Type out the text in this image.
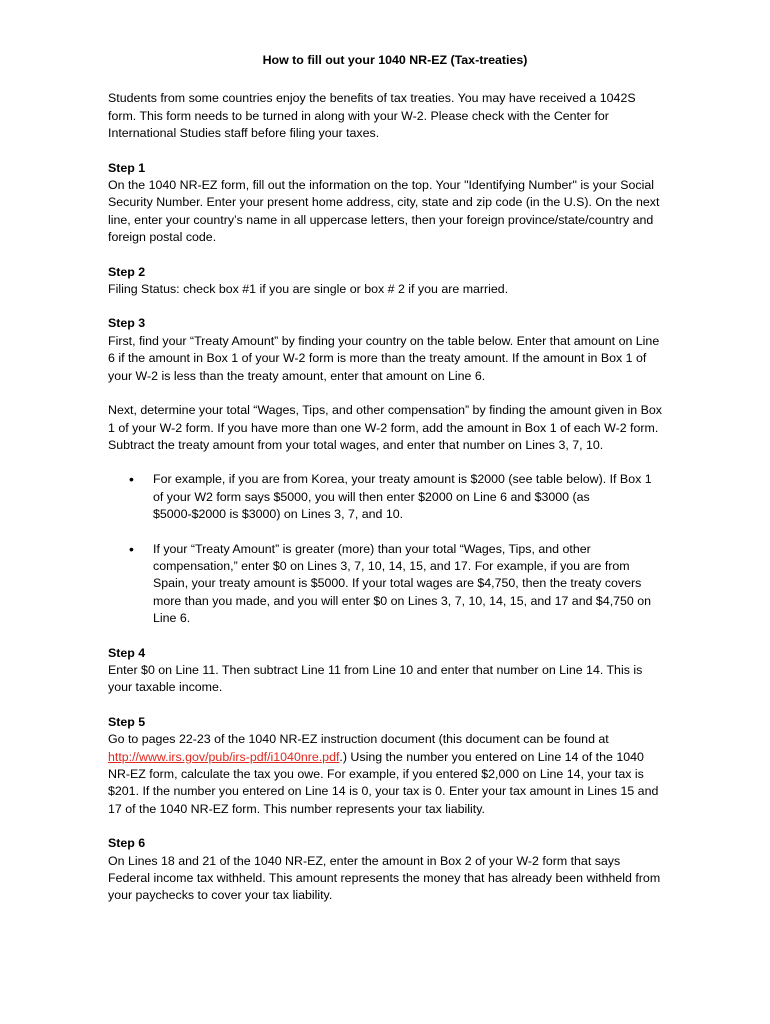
How to fill out your 1040 NR-EZ (Tax-treaties)

Students from some countries enjoy the benefits of tax treaties. You may have received a 1042S form. This form needs to be turned in along with your W-2. Please check with the Center for International Studies staff before filing your taxes.

Step 1

On the 1040 NR-EZ form, fill out the information on the top. Your "Identifying Number" is your Social Security Number. Enter your present home address, city, state and zip code (in the U.S). On the next line, enter your country’s name in all uppercase letters, then your foreign province/state/country and foreign postal code.

Step 2

Filing Status: check box #1 if you are single or box # 2 if you are married.

Step 3

First, find your “Treaty Amount” by finding your country on the table below. Enter that amount on Line 6 if the amount in Box 1 of your W-2 form is more than the treaty amount. If the amount in Box 1 of your W-2 is less than the treaty amount, enter that amount on Line 6.

Next, determine your total “Wages, Tips, and other compensation” by finding the amount given in Box 1 of your W-2 form. If you have more than one W-2 form, add the amount in Box 1 of each W-2 form. Subtract the treaty amount from your total wages, and enter that number on Lines 3, 7, 10.

• For example, if you are from Korea, your treaty amount is $2000 (see table below). If Box 1 of your W2 form says $5000, you will then enter $2000 on Line 6 and $3000 (as $5000-$2000 is $3000) on Lines 3, 7, and 10.
• If your “Treaty Amount” is greater (more) than your total “Wages, Tips, and other compensation,” enter $0 on Lines 3, 7, 10, 14, 15, and 17. For example, if you are from Spain, your treaty amount is $5000. If your total wages are $4,750, then the treaty covers more than you made, and you will enter $0 on Lines 3, 7, 10, 14, 15, and 17 and $4,750 on Line 6.

Step 4

Enter $0 on Line 11. Then subtract Line 11 from Line 10 and enter that number on Line 14. This is your taxable income.

Step 5

Go to pages 22-23 of the 1040 NR-EZ instruction document (this document can be found at http://www.irs.gov/pub/irs-pdf/i1040nre.pdf.) Using the number you entered on Line 14 of the 1040 NR-EZ form, calculate the tax you owe. For example, if you entered $2,000 on Line 14, your tax is $201. If the number you entered on Line 14 is 0, your tax is 0. Enter your tax amount in Lines 15 and 17 of the 1040 NR-EZ form. This number represents your tax liability.

Step 6

On Lines 18 and 21 of the 1040 NR-EZ, enter the amount in Box 2 of your W-2 form that says Federal income tax withheld. This amount represents the money that has already been withheld from your paychecks to cover your tax liability.
